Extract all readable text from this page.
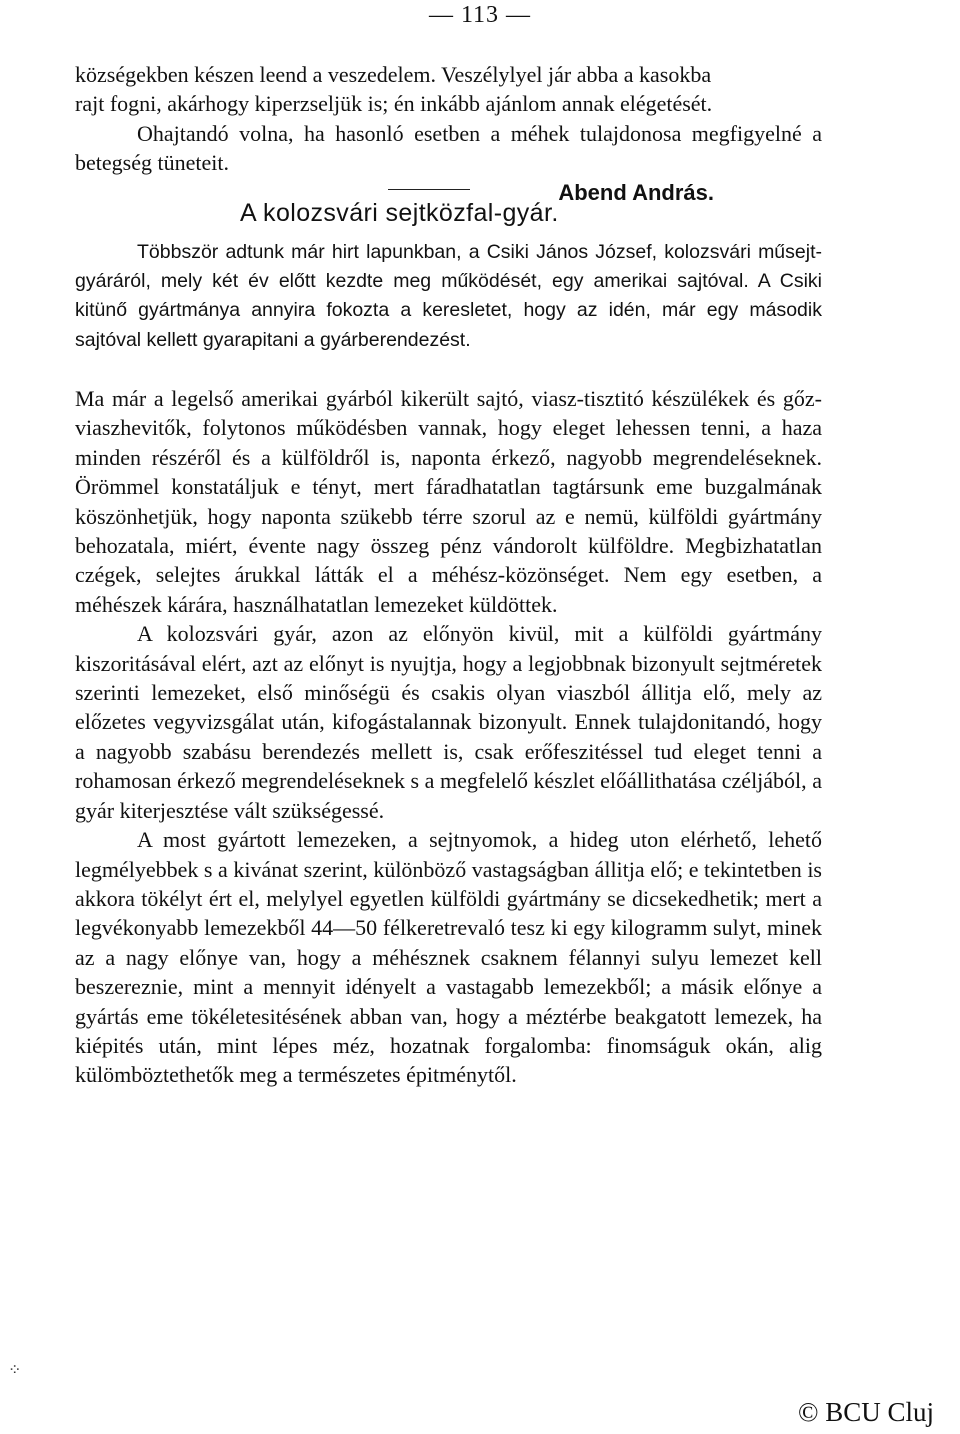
— 113 —
községekben készen leend a veszedelem. Veszélylyel jár abba a kasokba
rajt fogni, akárhogy kiperzseljük is; én inkább ajánlom annak elégetését.
Ohajtandó volna, ha hasonló esetben a méhek tulajdonosa megfigyelné a betegség tüneteit.
Abend András.
A kolozsvári sejtközfal-gyár.
Többször adtunk már hirt lapunkban, a Csiki János József, kolozsvári műsejt-gyáráról, mely két év előtt kezdte meg működését, egy amerikai sajtóval. A Csiki kitünő gyártmánya annyira fokozta a keresletet, hogy az idén, már egy második sajtóval kellett gyarapitani a gyárberendezést.
Ma már a legelső amerikai gyárból kikerült sajtó, viasz-tisztitó készülékek és gőz-viaszhevitők, folytonos működésben vannak, hogy eleget lehessen tenni, a haza minden részéről és a külföldről is, naponta érkező, nagyobb megrendeléseknek. Örömmel konstatáljuk e tényt, mert fáradhatatlan tagtársunk eme buzgalmának köszönhetjük, hogy naponta szükebb térre szorul az e nemü, külföldi gyártmány behozatala, miért, évente nagy összeg pénz vándorolt külföldre. Megbizhatatlan czégek, selejtes árukkal látták el a méhész-közönséget. Nem egy esetben, a méhészek kárára, használhatatlan lemezeket küldöttek.
A kolozsvári gyár, azon az előnyön kivül, mit a külföldi gyártmány kiszoritásával elért, azt az előnyt is nyujtja, hogy a legjobbnak bizonyult sejtméretek szerinti lemezeket, első minőségü és csakis olyan viaszból állitja elő, mely az előzetes vegyvizsgálat után, kifogástalannak bizonyult. Ennek tulajdonitandó, hogy a nagyobb szabásu berendezés mellett is, csak erőfeszitéssel tud eleget tenni a rohamosan érkező megrendeléseknek s a megfelelő készlet előállithatása czéljából, a gyár kiterjesztése vált szükségessé.
A most gyártott lemezeken, a sejtnyomok, a hideg uton elérhető, lehető legmélyebbek s a kivánat szerint, különböző vastagságban állitja elő; e tekintetben is akkora tökélyt ért el, melylyel egyetlen külföldi gyártmány se dicsekedhetik; mert a legvékonyabb lemezekből 44—50 félkeretrevaló tesz ki egy kilogramm sulyt, minek az a nagy előnye van, hogy a méhésznek csaknem félannyi sulyu lemezet kell beszereznie, mint a mennyit idényelt a vastagabb lemezekből; a másik előnye a gyártás eme tökéletesitésének abban van, hogy a méztérbe beakgatott lemezek, ha kiépités után, mint lépes méz, hozatnak forgalomba: finomságuk okán, alig külömböztethetők meg a természetes épitménytől.
⁘
© BCU Cluj
